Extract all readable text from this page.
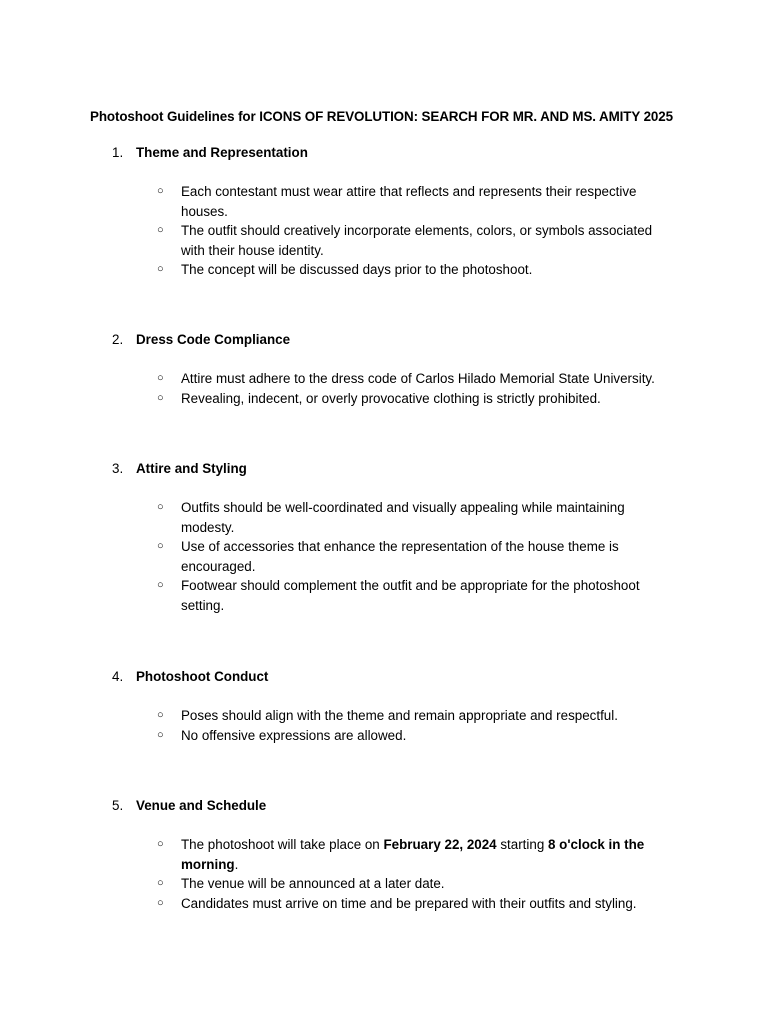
Photoshoot Guidelines for ICONS OF REVOLUTION: SEARCH FOR MR. AND MS. AMITY 2025
1. Theme and Representation
○ Each contestant must wear attire that reflects and represents their respective houses.
○ The outfit should creatively incorporate elements, colors, or symbols associated with their house identity.
○ The concept will be discussed days prior to the photoshoot.
2. Dress Code Compliance
○ Attire must adhere to the dress code of Carlos Hilado Memorial State University.
○ Revealing, indecent, or overly provocative clothing is strictly prohibited.
3. Attire and Styling
○ Outfits should be well-coordinated and visually appealing while maintaining modesty.
○ Use of accessories that enhance the representation of the house theme is encouraged.
○ Footwear should complement the outfit and be appropriate for the photoshoot setting.
4. Photoshoot Conduct
○ Poses should align with the theme and remain appropriate and respectful.
○ No offensive expressions are allowed.
5. Venue and Schedule
○ The photoshoot will take place on February 22, 2024 starting 8 o'clock in the morning.
○ The venue will be announced at a later date.
○ Candidates must arrive on time and be prepared with their outfits and styling.
